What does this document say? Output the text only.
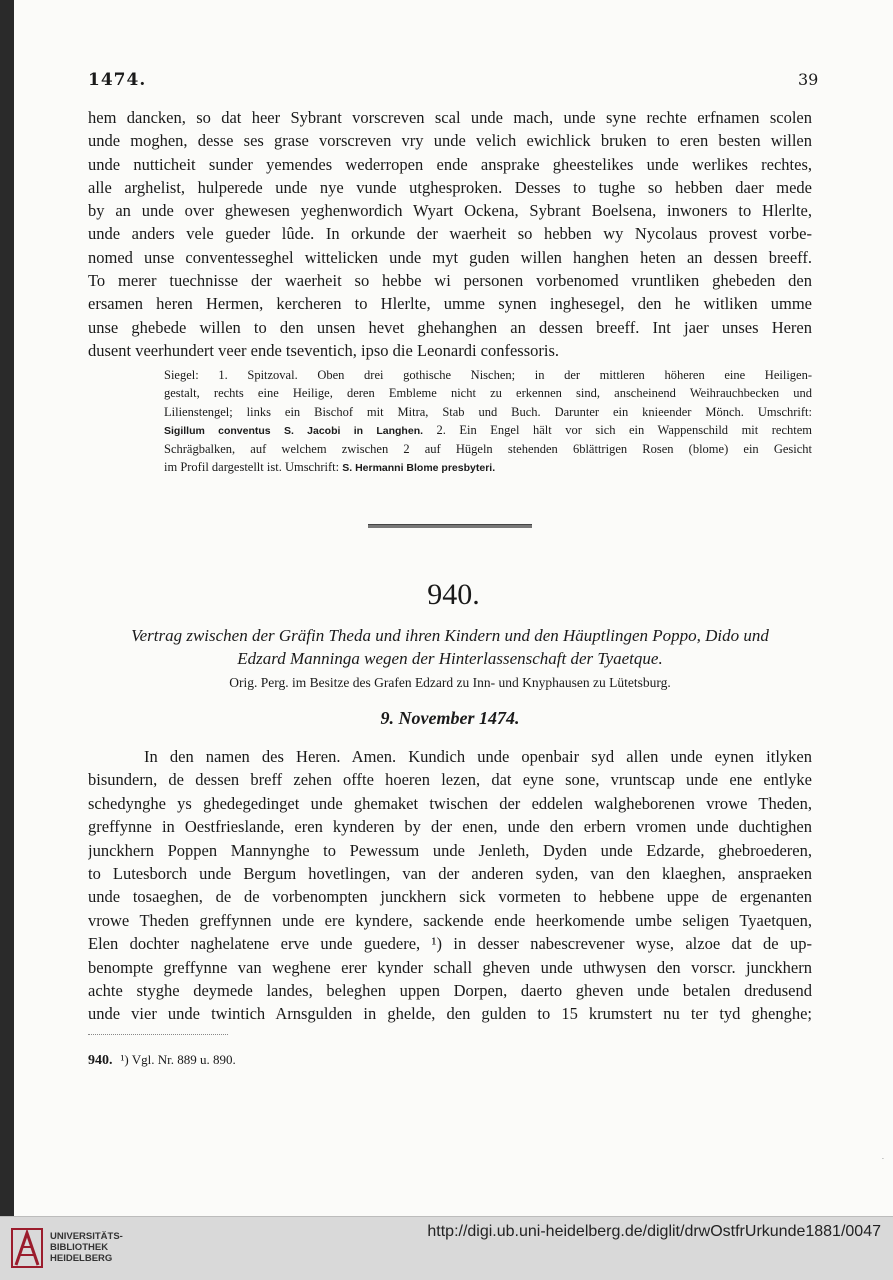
1474.	39
hem dancken, so dat heer Sybrant vorscreven scal unde mach, unde syne rechte erfnamen scolen
unde moghen, desse ses grase vorscreven vry unde velich ewichlick bruken to eren besten willen
unde nutticheit sunder yemendes wederropen ende ansprake gheestelikes unde werlikes rechtes,
alle arghelist, hulperede unde nye vunde utghesproken. Desses to tughe so hebben daer mede
by an unde over ghewesen yeghenwordich Wyart Ockena, Sybrant Boelsena, inwoners to Hlerlte,
unde anders vele gueder lûde. In orkunde der waerheit so hebben wy Nycolaus provest vorbe-
nomed unse conventesseghel wittelicken unde myt guden willen hanghen heten an dessen breeff.
To merer tuechnisse der waerheit so hebbe wi personen vorbenomed vruntliken ghebeden den
ersamen heren Hermen, kercheren to Hlerlte, umme synen inghesegel, den he witliken umme
unse ghebede willen to den unsen hevet ghehanghen an dessen breeff. Int jaer unses Heren
dusent veerhundert veer ende tseventich, ipso die Leonardi confessoris.
Siegel: 1. Spitzoval. Oben drei gothische Nischen; in der mittleren höheren eine Heiligen-
gestalt, rechts eine Heilige, deren Embleme nicht zu erkennen sind, anscheinend Weihrauchbecken und
Lilienstengel; links ein Bischof mit Mitra, Stab und Buch. Darunter ein knieender Mönch. Umschrift:
Sigillum conventus S. Jacobi in Langhen. 2. Ein Engel hält vor sich ein Wappenschild mit rechtem
Schrägbalken, auf welchem zwischen 2 auf Hügeln stehenden 6blättrigen Rosen (blome) ein Gesicht
im Profil dargestellt ist. Umschrift: S. Hermanni Blome presbyteri.
940.
Vertrag zwischen der Gräfin Theda und ihren Kindern und den Häuptlingen Poppo, Dido und
Edzard Manninga wegen der Hinterlassenschaft der Tyaetque.
Orig. Perg. im Besitze des Grafen Edzard zu Inn- und Knyphausen zu Lütetsburg.
9. November 1474.
In den namen des Heren. Amen. Kundich unde openbair syd allen unde eynen itlyken
bisundern, de dessen breff zehen offte hoeren lezen, dat eyne sone, vruntscap unde ene entlyke
schedynghe ys ghedegedinget unde ghemaket twischen der eddelen walgheborenen vrowe Theden,
greffynne in Oestfrieslande, eren kynderen by der enen, unde den erbern vromen unde duchtighen
junckhern Poppen Mannynghe to Pewessum unde Jenleth, Dyden unde Edzarde, ghebroederen,
to Lutesborch unde Bergum hovetlingen, van der anderen syden, van den klaeghen, anspraeken
unde tosaeghen, de de vorbenompten junckhern sick vormeten to hebbene uppe de ergenanten
vrowe Theden greffynnen unde ere kyndere, sackende ende heerkomende umbe seligen Tyaetquen,
Elen dochter naghelatene erve unde guedere, ¹) in desser nabescrevener wyse, alzoe dat de up-
benompte greffynne van weghene erer kynder schall gheven unde uthwysen den vorscr. junckhern
achte styghe deymede landes, beleghen uppen Dorpen, daerto gheven unde betalen dredusend
unde vier unde twintich Arnsgulden in ghelde, den gulden to 15 krumstert nu ter tyd ghenghe;
940. ¹) Vgl. Nr. 889 u. 890.
.
UNIVERSITÄTS-
BIBLIOTHEK
HEIDELBERG
http://digi.ub.uni-heidelberg.de/diglit/drwOstfrUrkunde1881/0047
